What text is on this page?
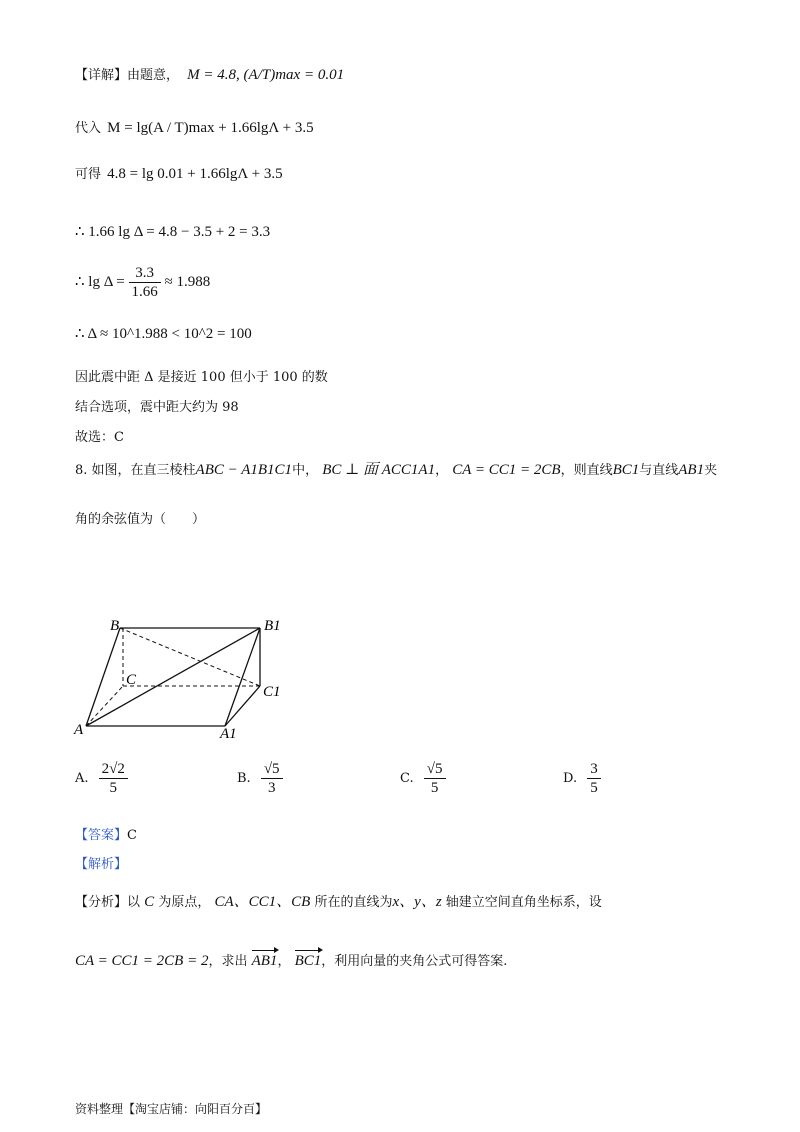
【详解】由题意， M = 4.8, (A/T)max = 0.01
代入 M = lg(A / T)max + 1.66lgΛ + 3.5
可得 4.8 = lg 0.01 + 1.66lgΛ + 3.5
∴ 1.66 lg Δ = 4.8 − 3.5 + 2 = 3.3
∴ $\lg \Delta = \frac{3.3}{1.66} \approx 1.988$
∴ Δ ≈ 10^1.988 < 10^2 = 100
因此震中距 Δ 是接近 100 但小于 100 的数
结合选项，震中距大约为 98
故选：C
8. 如图，在直三棱柱ABC − A1B1C1中， BC ⊥ 面 ACC1A1， CA = CC1 = 2CB，则直线BC1与直线AB1夹
角的余弦值为（　　）
B	B1
C
C1
A	A1
A. $\frac{2√2}{5}$	B. $\frac{√5}{3}$	C. $\frac{√5}{5}$	D. $\frac{3}{5}$
【答案】C
【解析】
【分析】以 C 为原点， CA、CC1、CB 所在的直线为x、y、z 轴建立空间直角坐标系，设
CA = CC1 = 2CB = 2，求出 AB1， BC1，利用向量的夹角公式可得答案.
资料整理【淘宝店铺：向阳百分百】
